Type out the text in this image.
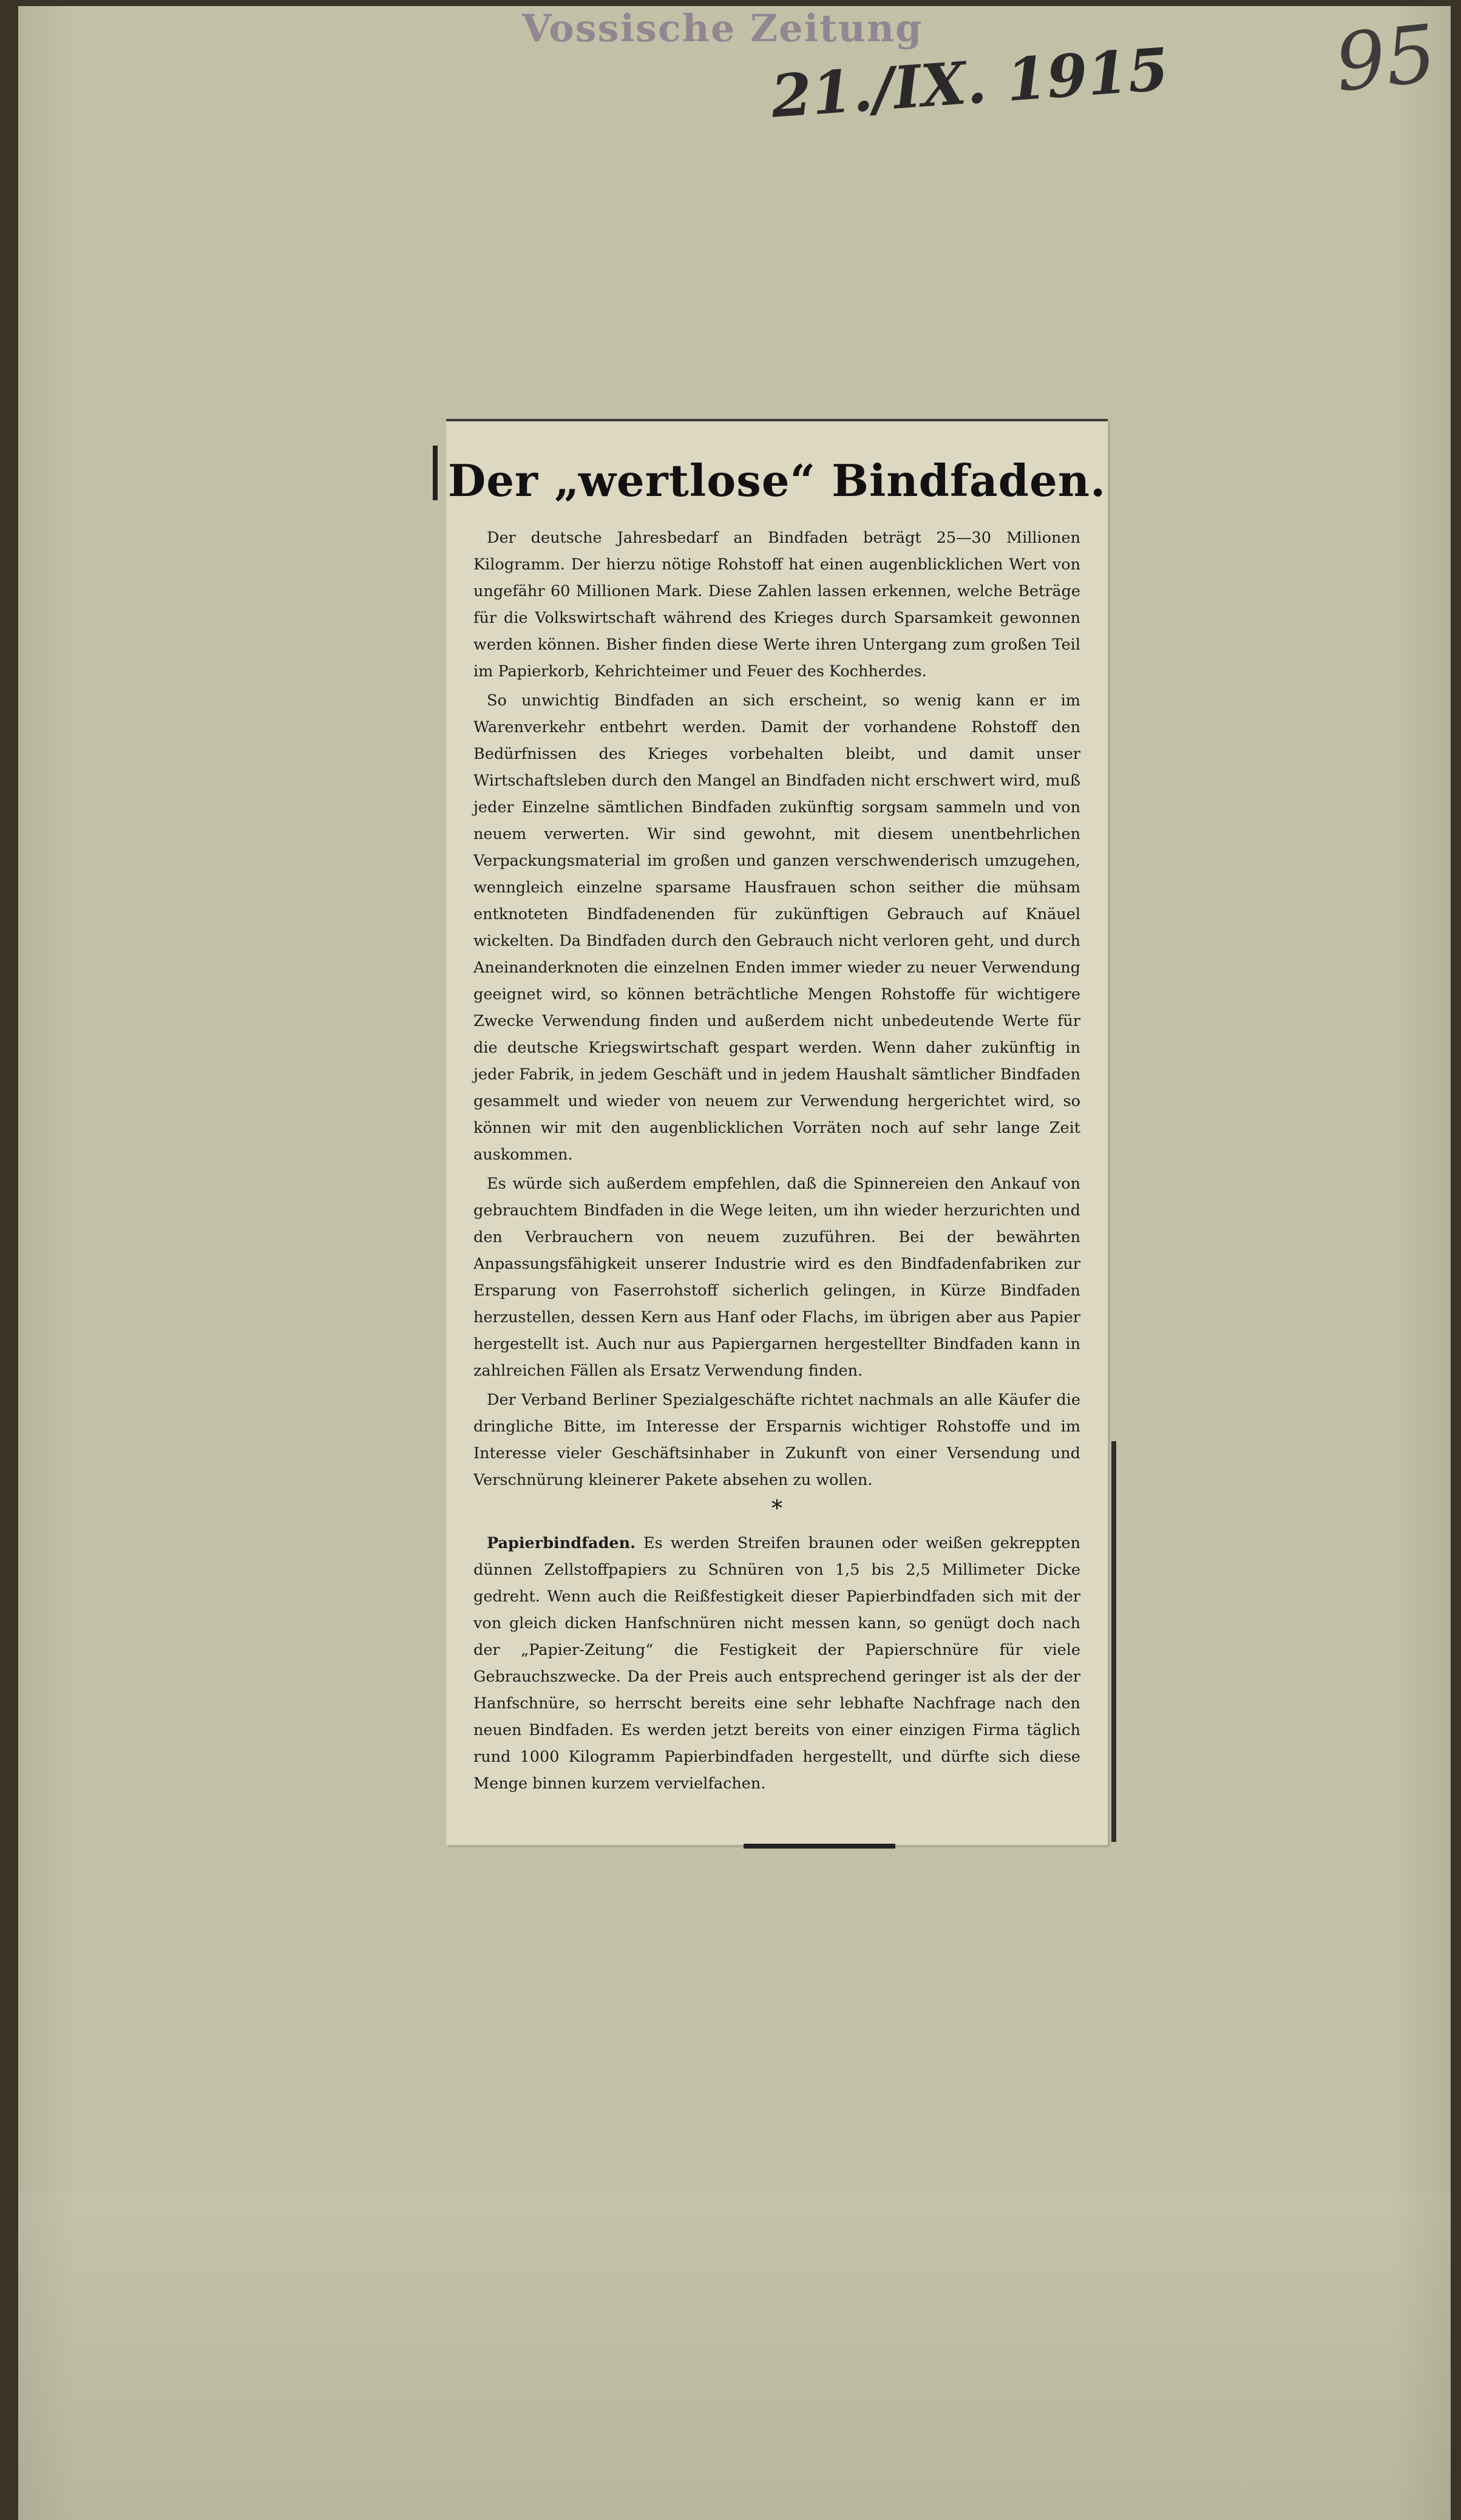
Vossische Zeitung
21./IX. 1915 95
Der „wertlose“ Bindfaden.

Der deutsche Jahresbedarf an Bindfaden beträgt 25—30 Millionen Kilogramm. Der hierzu nötige Rohstoff hat einen augenblicklichen Wert von ungefähr 60 Millionen Mark. Diese Zahlen lassen erkennen, welche Beträge für die Volkswirtschaft während des Krieges durch Sparsamkeit gewonnen werden können. Bisher finden diese Werte ihren Untergang zum großen Teil im Papierkorb, Kehrichteimer und Feuer des Kochherdes.

So unwichtig Bindfaden an sich erscheint, so wenig kann er im Warenverkehr entbehrt werden. Damit der vorhandene Rohstoff den Bedürfnissen des Krieges vorbehalten bleibt, und damit unser Wirtschaftsleben durch den Mangel an Bindfaden nicht erschwert wird, muß jeder Einzelne sämtlichen Bindfaden zukünftig sorgsam sammeln und von neuem verwerten. Wir sind gewohnt, mit diesem unentbehrlichen Verpackungsmaterial im großen und ganzen verschwenderisch umzugehen, wenngleich einzelne sparsame Hausfrauen schon seither die mühsam entknoteten Bindfadenenden für zukünftigen Gebrauch auf Knäuel wickelten. Da Bindfaden durch den Gebrauch nicht verloren geht, und durch Aneinanderknoten die einzelnen Enden immer wieder zu neuer Verwendung geeignet wird, so können beträchtliche Mengen Rohstoffe für wichtigere Zwecke Verwendung finden und außerdem nicht unbedeutende Werte für die deutsche Kriegswirtschaft gespart werden. Wenn daher zukünftig in jeder Fabrik, in jedem Geschäft und in jedem Haushalt sämtlicher Bindfaden gesammelt und wieder von neuem zur Verwendung hergerichtet wird, so können wir mit den augenblicklichen Vorräten noch auf sehr lange Zeit auskommen.

Es würde sich außerdem empfehlen, daß die Spinnereien den Ankauf von gebrauchtem Bindfaden in die Wege leiten, um ihn wieder herzurichten und den Verbrauchern von neuem zuzuführen. Bei der bewährten Anpassungsfähigkeit unserer Industrie wird es den Bindfadenfabriken zur Ersparung von Faserrohstoff sicherlich gelingen, in Kürze Bindfaden herzustellen, dessen Kern aus Hanf oder Flachs, im übrigen aber aus Papier hergestellt ist. Auch nur aus Papiergarnen hergestellter Bindfaden kann in zahlreichen Fällen als Ersatz Verwendung finden.

Der Verband Berliner Spezialgeschäfte richtet nachmals an alle Käufer die dringliche Bitte, im Interesse der Ersparnis wichtiger Rohstoffe und im Interesse vieler Geschäftsinhaber in Zukunft von einer Versendung und Verschnürung kleinerer Pakete absehen zu wollen.

*

Papierbindfaden. Es werden Streifen braunen oder weißen gekreppten dünnen Zellstoffpapiers zu Schnüren von 1,5 bis 2,5 Millimeter Dicke gedreht. Wenn auch die Reißfestigkeit dieser Papierbindfaden sich mit der von gleich dicken Hanfschnüren nicht messen kann, so genügt doch nach der „Papier-Zeitung“ die Festigkeit der Papierschnüre für viele Gebrauchszwecke. Da der Preis auch entsprechend geringer ist als der der Hanfschnüre, so herrscht bereits eine sehr lebhafte Nachfrage nach den neuen Bindfaden. Es werden jetzt bereits von einer einzigen Firma täglich rund 1000 Kilogramm Papierbindfaden hergestellt, und dürfte sich diese Menge binnen kurzem vervielfachen.
